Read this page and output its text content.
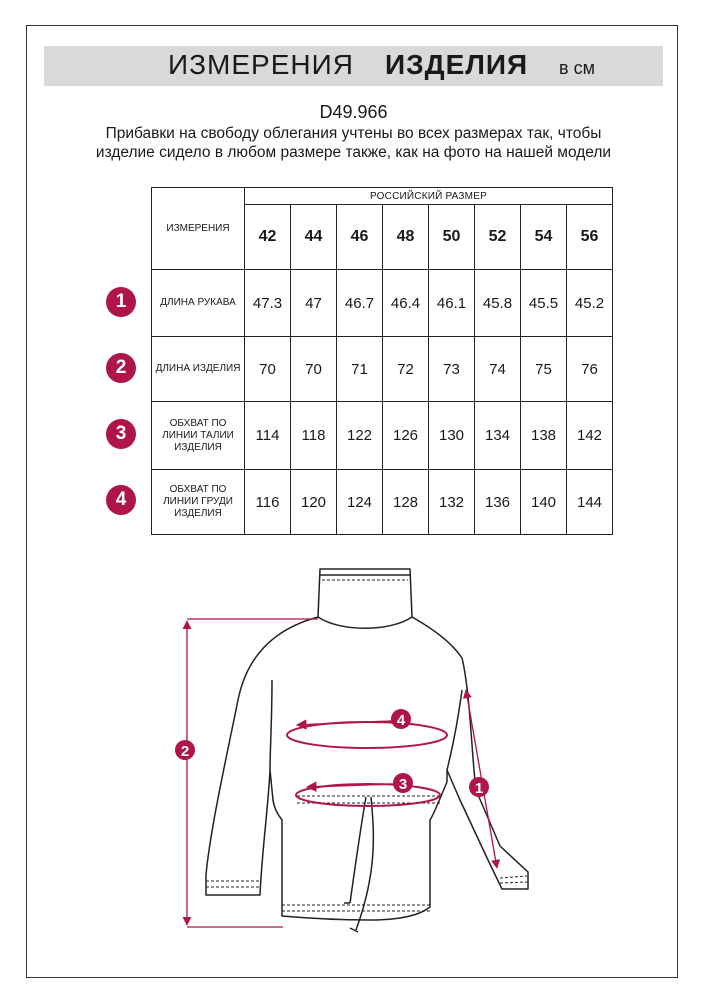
ИЗМЕРЕНИЯ ИЗДЕЛИЯ в см
D49.966
Прибавки на свободу облегания учтены во всех размерах так, чтобы изделие сидело в любом размере также, как на фото на нашей модели
ИЗМЕРЕНИЯ	РОССИЙСКИЙ РАЗМЕР							
	42	44	46	48	50	52	54	56
ДЛИНА РУКАВА	47.3	47	46.7	46.4	46.1	45.8	45.5	45.2
ДЛИНА ИЗДЕЛИЯ	70	70	71	72	73	74	75	76
ОБХВАТ ПО ЛИНИИ ТАЛИИ ИЗДЕЛИЯ	114	118	122	126	130	134	138	142
ОБХВАТ ПО ЛИНИИ ГРУДИ ИЗДЕЛИЯ	116	120	124	128	132	136	140	144
1
2
3
4
2
4
3	1
